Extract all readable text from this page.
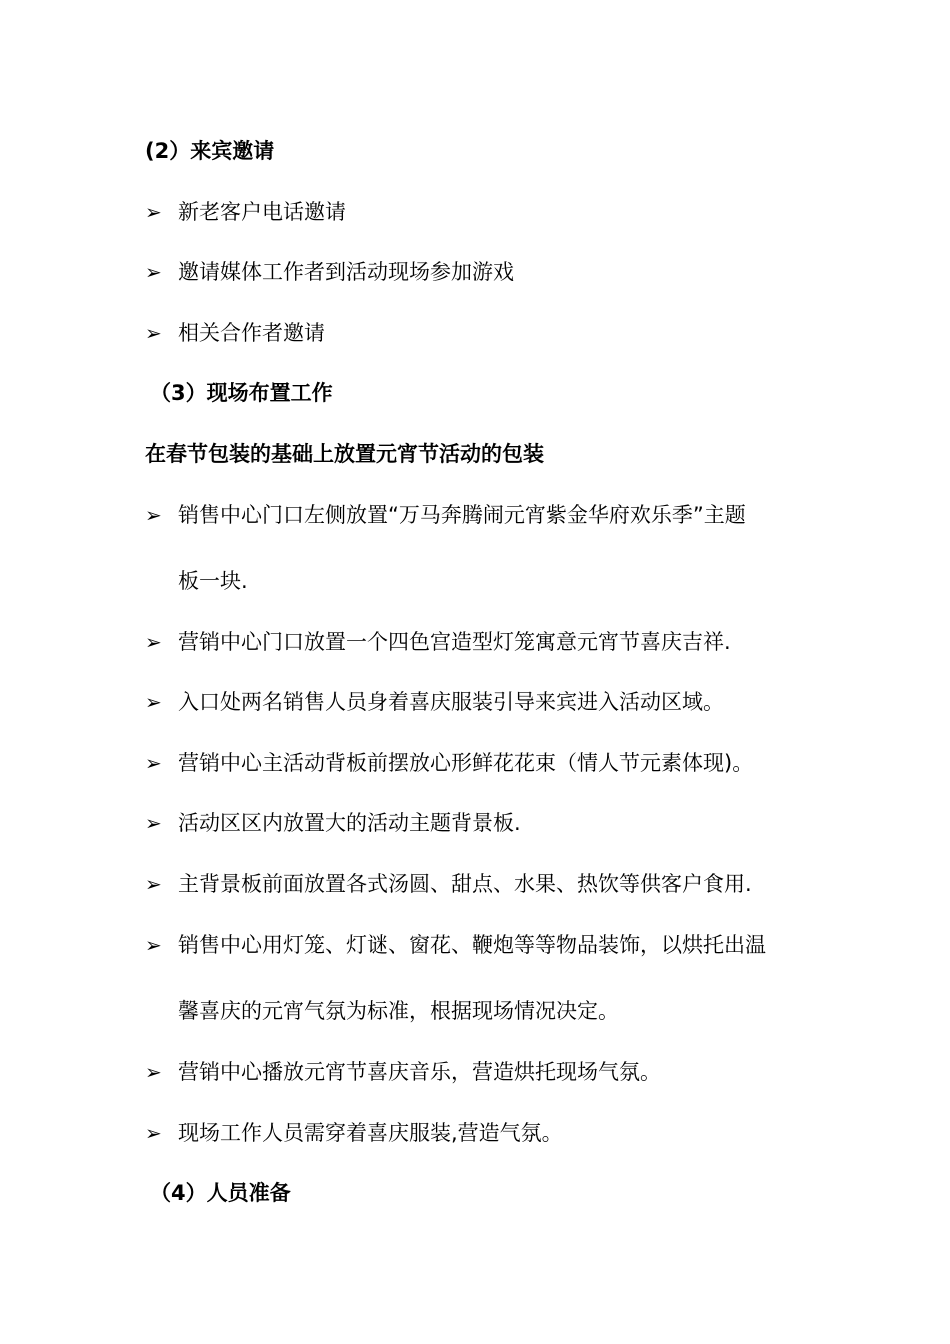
(2）来宾邀请
➢ 新老客户电话邀请
➢ 邀请媒体工作者到活动现场参加游戏
➢ 相关合作者邀请
（3）现场布置工作
在春节包装的基础上放置元宵节活动的包装
➢ 销售中心门口左侧放置“万马奔腾闹元宵紫金华府欢乐季”主题
板一块.
➢ 营销中心门口放置一个四色宫造型灯笼寓意元宵节喜庆吉祥.
➢ 入口处两名销售人员身着喜庆服装引导来宾进入活动区域。
➢ 营销中心主活动背板前摆放心形鲜花花束（情人节元素体现)。
➢ 活动区区内放置大的活动主题背景板.
➢ 主背景板前面放置各式汤圆、甜点、水果、热饮等供客户食用.
➢ 销售中心用灯笼、灯谜、窗花、鞭炮等等物品装饰，以烘托出温
馨喜庆的元宵气氛为标准，根据现场情况决定。
➢ 营销中心播放元宵节喜庆音乐，营造烘托现场气氛。
➢ 现场工作人员需穿着喜庆服装,营造气氛。
（4）人员准备
